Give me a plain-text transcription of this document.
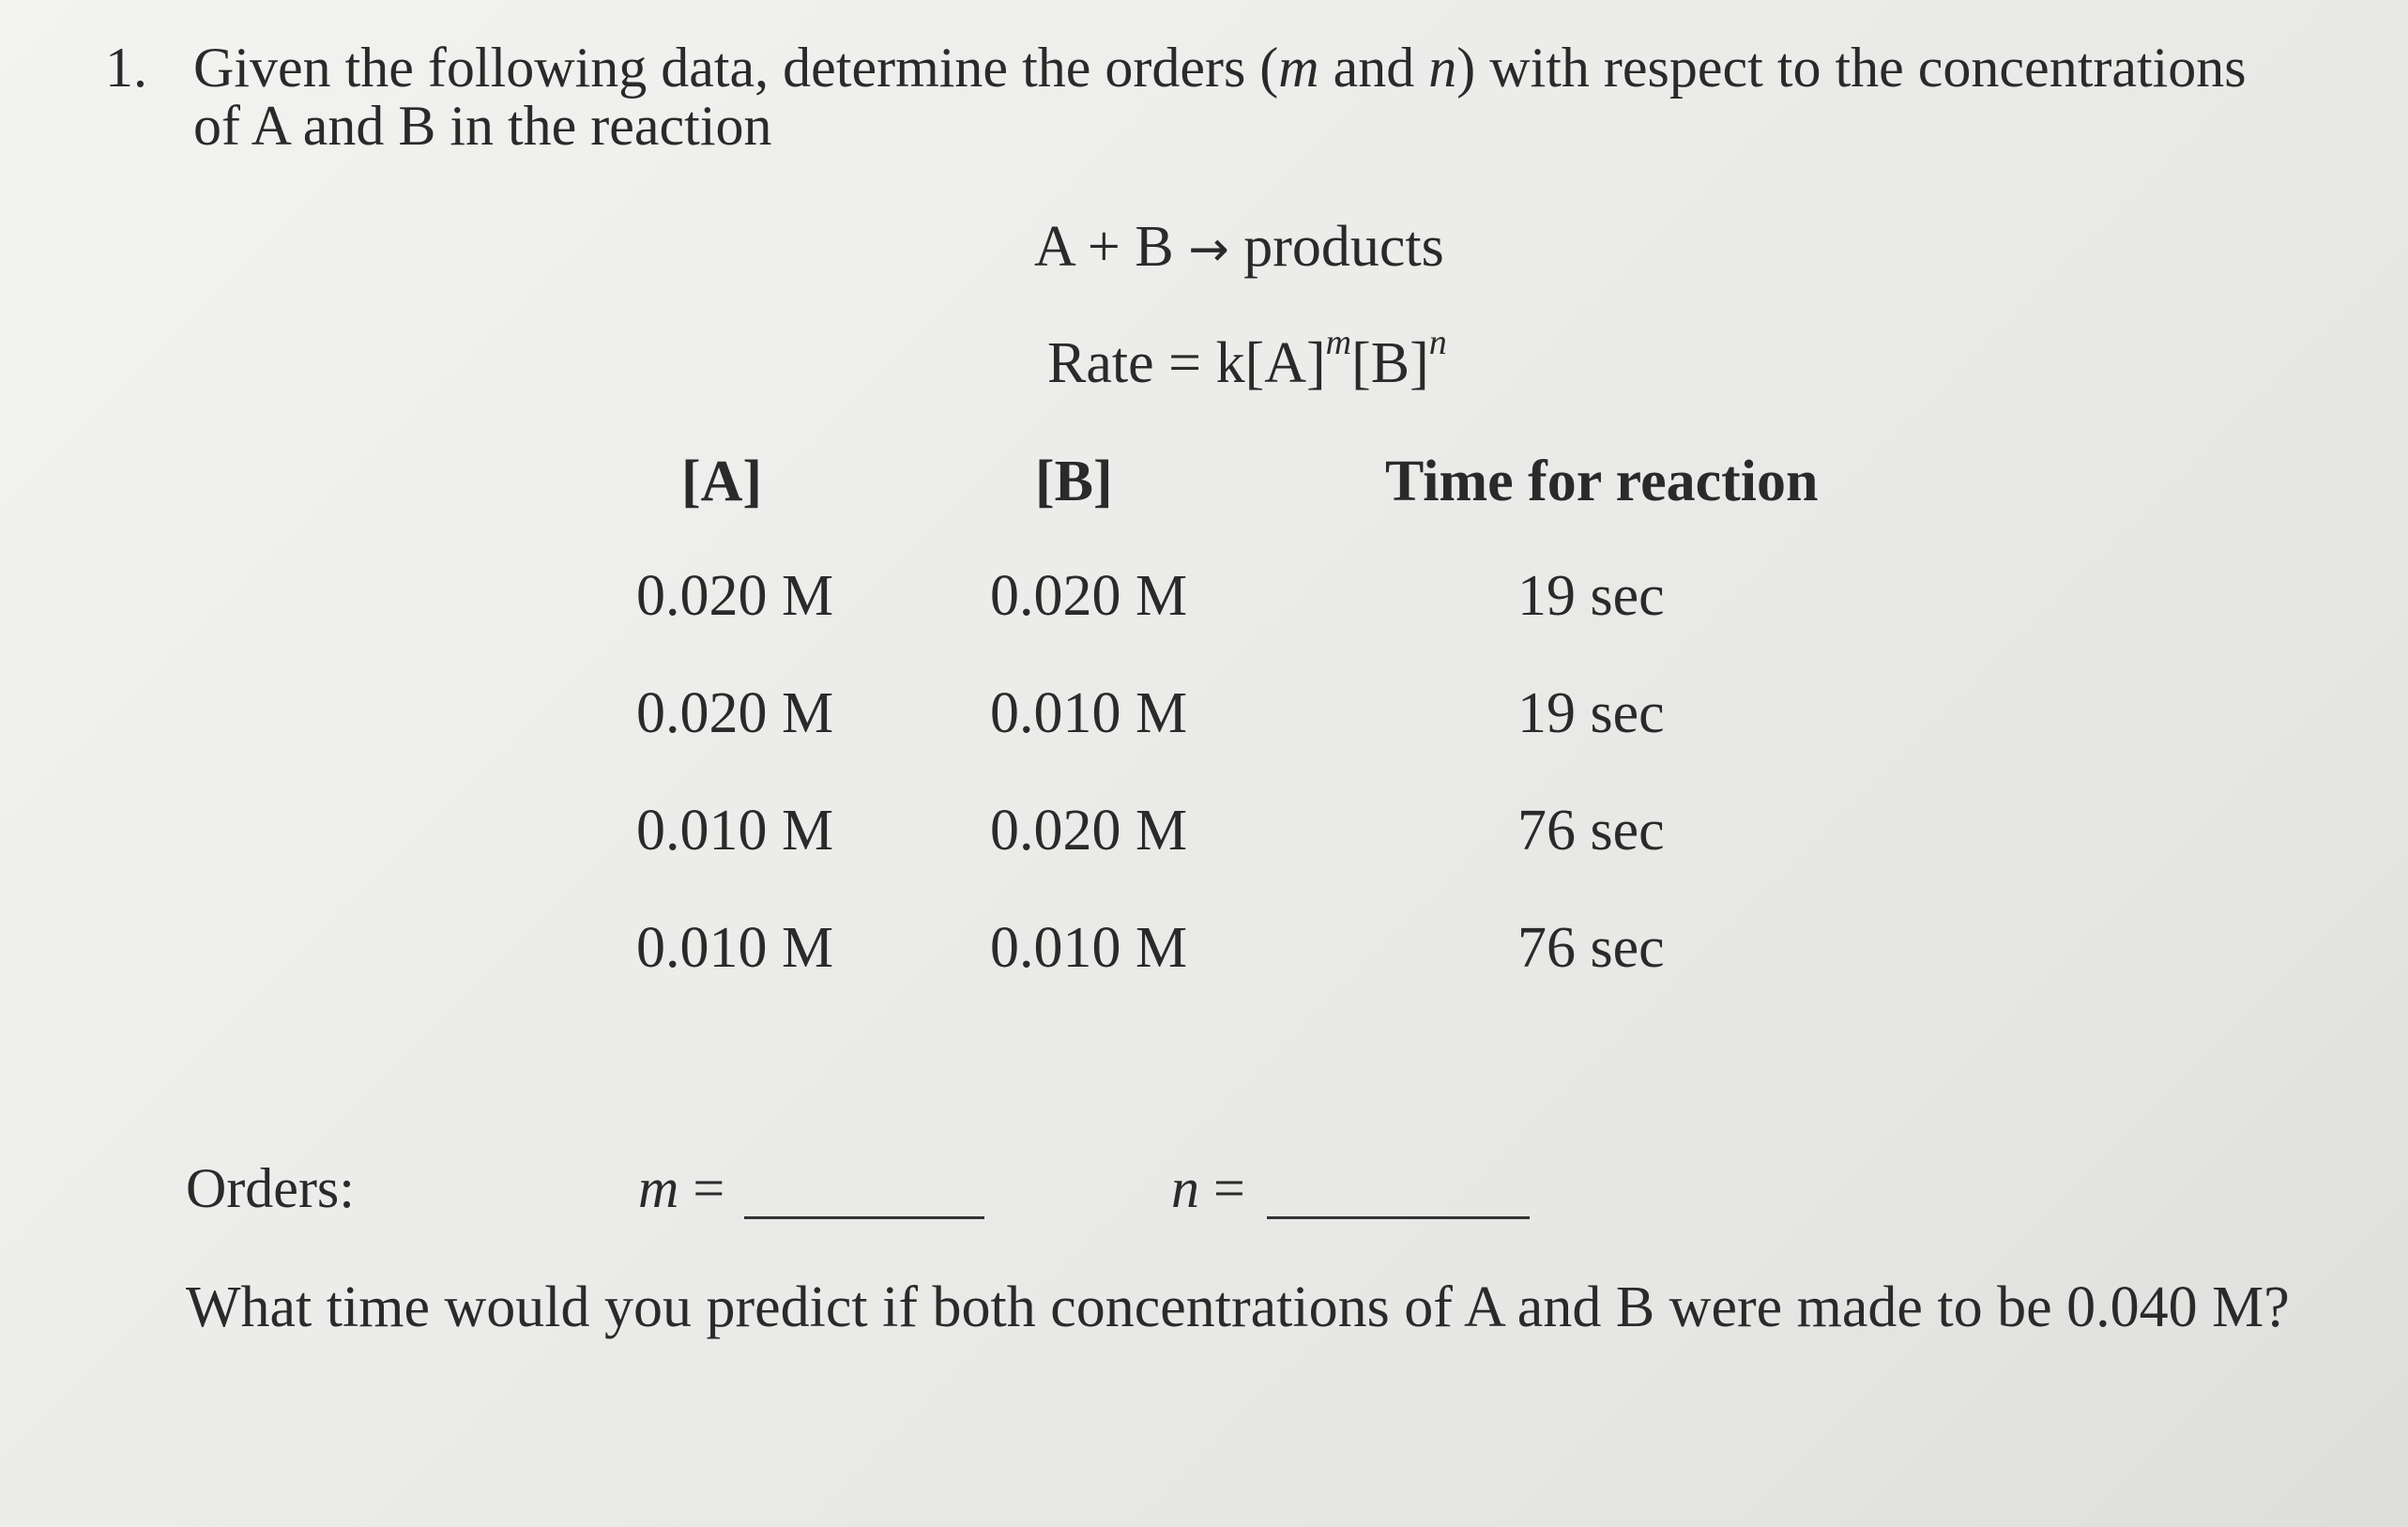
1. Given the following data, determine the orders (m and n) with respect to the concentrations
of A and B in the reaction
A + B → products
Rate = $k[A]^m[B]^n$
[A]	[B]	Time for reaction
0.020 M	0.020 M	19 sec
0.020 M	0.010 M	19 sec
0.010 M	0.020 M	76 sec
0.010 M	0.010 M	76 sec
Orders:	m =	n =
What time would you predict if both concentrations of A and B were made to be 0.040 M?
